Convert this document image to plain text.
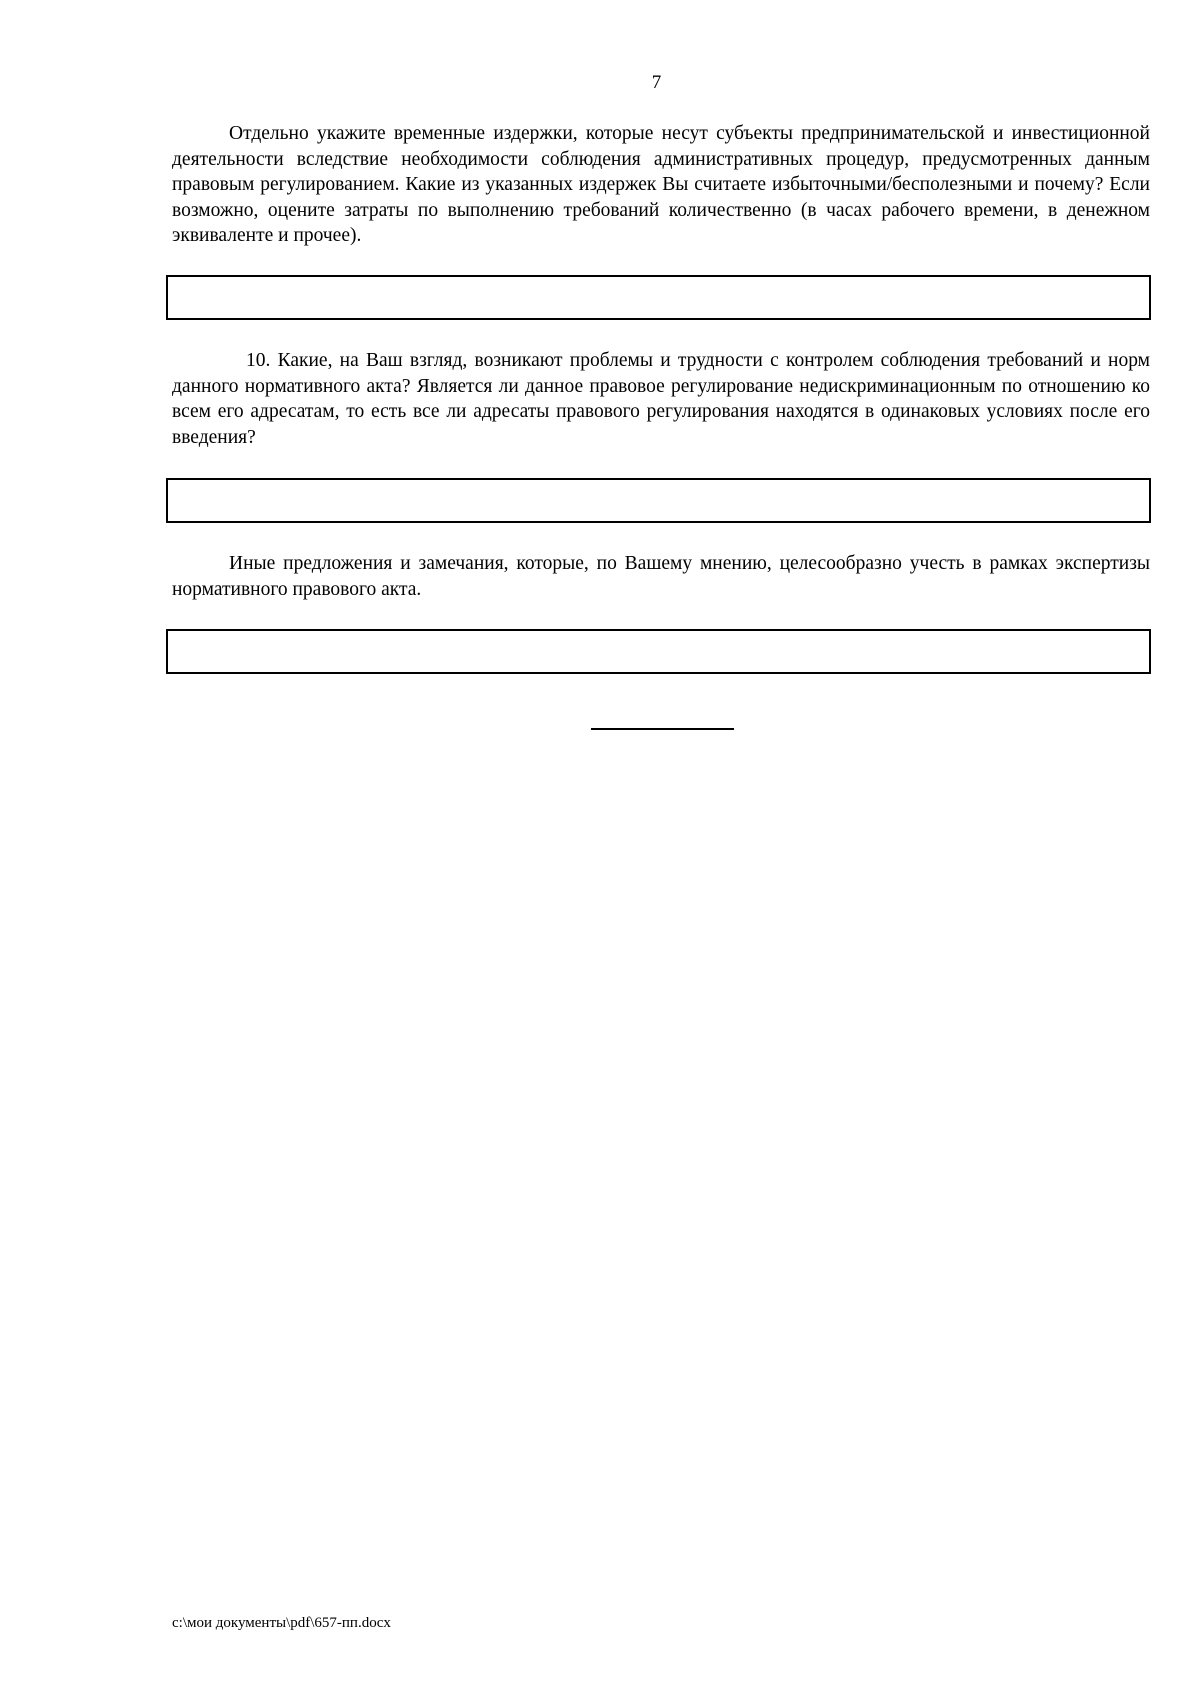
7

Отдельно укажите временные издержки, которые несут субъекты предпринимательской и инвестиционной деятельности вследствие необходимости соблюдения административных процедур, предусмотренных данным правовым регулированием. Какие из указанных издержек Вы считаете избыточными/бесполезными и почему? Если возможно, оцените затраты по выполнению требований количественно (в часах рабочего времени, в денежном эквиваленте и прочее).

10. Какие, на Ваш взгляд, возникают проблемы и трудности с контролем соблюдения требований и норм данного нормативного акта? Является ли данное правовое регулирование недискриминационным по отношению ко всем его адресатам, то есть все ли адресаты правового регулирования находятся в одинаковых условиях после его введения?

Иные предложения и замечания, которые, по Вашему мнению, целесообразно учесть в рамках экспертизы нормативного правового акта.

c:\мои документы\pdf\657-пп.docx
